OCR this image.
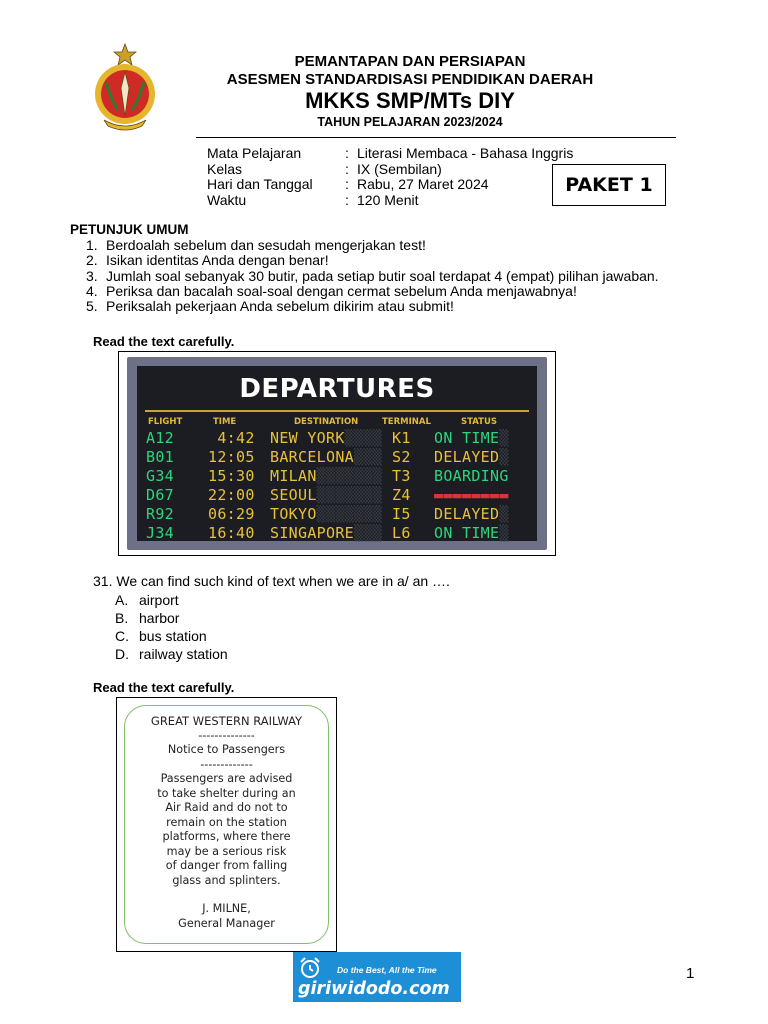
PEMANTAPAN DAN PERSIAPAN
ASESMEN STANDARDISASI PENDIDIKAN DAERAH
MKKS SMP/MTs DIY
TAHUN PELAJARAN 2023/2024
Mata Pelajaran	: Literasi Membaca - Bahasa Inggris
Kelas	: IX (Sembilan)
Hari dan Tanggal	: Rabu, 27 Maret 2024
Waktu	: 120 Menit
PAKET 1
PETUNJUK UMUM
1. Berdoalah sebelum dan sesudah mengerjakan test!
2. Isikan identitas Anda dengan benar!
3. Jumlah soal sebanyak 30 butir, pada setiap butir soal terdapat 4 (empat) pilihan jawaban.
4. Periksa dan bacalah soal-soal dengan cermat sebelum Anda menjawabnya!
5. Periksalah pekerjaan Anda sebelum dikirim atau submit!
Read the text carefully.
DEPARTURES
FLIGHT	TIME	DESTINATION	TERMINAL	STATUS
A12 4:42 NEW YORK▒▒▒▒ K1 ON TIME▒
B01 12:05 BARCELONA▒▒▒ S2 DELAYED▒
G34 15:30 MILAN▒▒▒▒▒▒▒ T3 BOARDING
D67 22:00 SEOUL▒▒▒▒▒▒▒ Z4 ▬▬▬▬▬▬▬▬
R92 06:29 TOKYO▒▒▒▒▒▒▒ I5 DELAYED▒
J34 16:40 SINGAPORE▒▒▒ L6 ON TIME▒
31. We can find such kind of text when we are in a/ an ….
A. airport
B. harbor
C. bus station
D. railway station
Read the text carefully.
GREAT WESTERN RAILWAY
--------------
Notice to Passengers
-------------
Passengers are advised
to take shelter during an
Air Raid and do not to
remain on the station
platforms, where there
may be a serious risk
of danger from falling
glass and splinters.
J. MILNE,
General Manager
Do the Best, All the Time
giriwidodo.com
1
